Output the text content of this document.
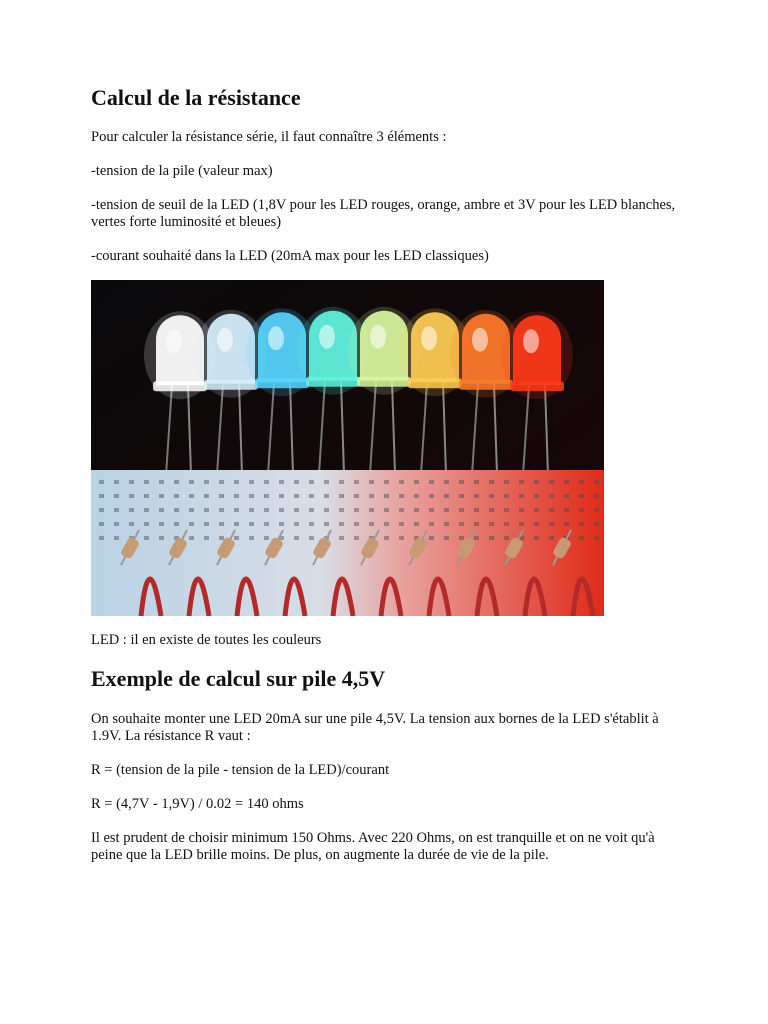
Calcul de la résistance

Pour calculer la résistance série, il faut connaître 3 éléments :

-tension de la pile (valeur max)

-tension de seuil de la LED (1,8V pour les LED rouges, orange, ambre et 3V pour les LED blanches, vertes forte luminosité et bleues)

-courant souhaité dans la LED (20mA max pour les LED classiques)

LED : il en existe de toutes les couleurs

Exemple de calcul sur pile 4,5V

On souhaite monter une LED 20mA sur une pile 4,5V. La tension aux bornes de la LED s'établit à 1.9V. La résistance R vaut :

R = (tension de la pile - tension de la LED)/courant

R = (4,7V - 1,9V) / 0.02 = 140 ohms

Il est prudent de choisir minimum 150 Ohms. Avec 220 Ohms, on est tranquille et on ne voit qu'à peine que la LED brille moins. De plus, on augmente la durée de vie de la pile.
